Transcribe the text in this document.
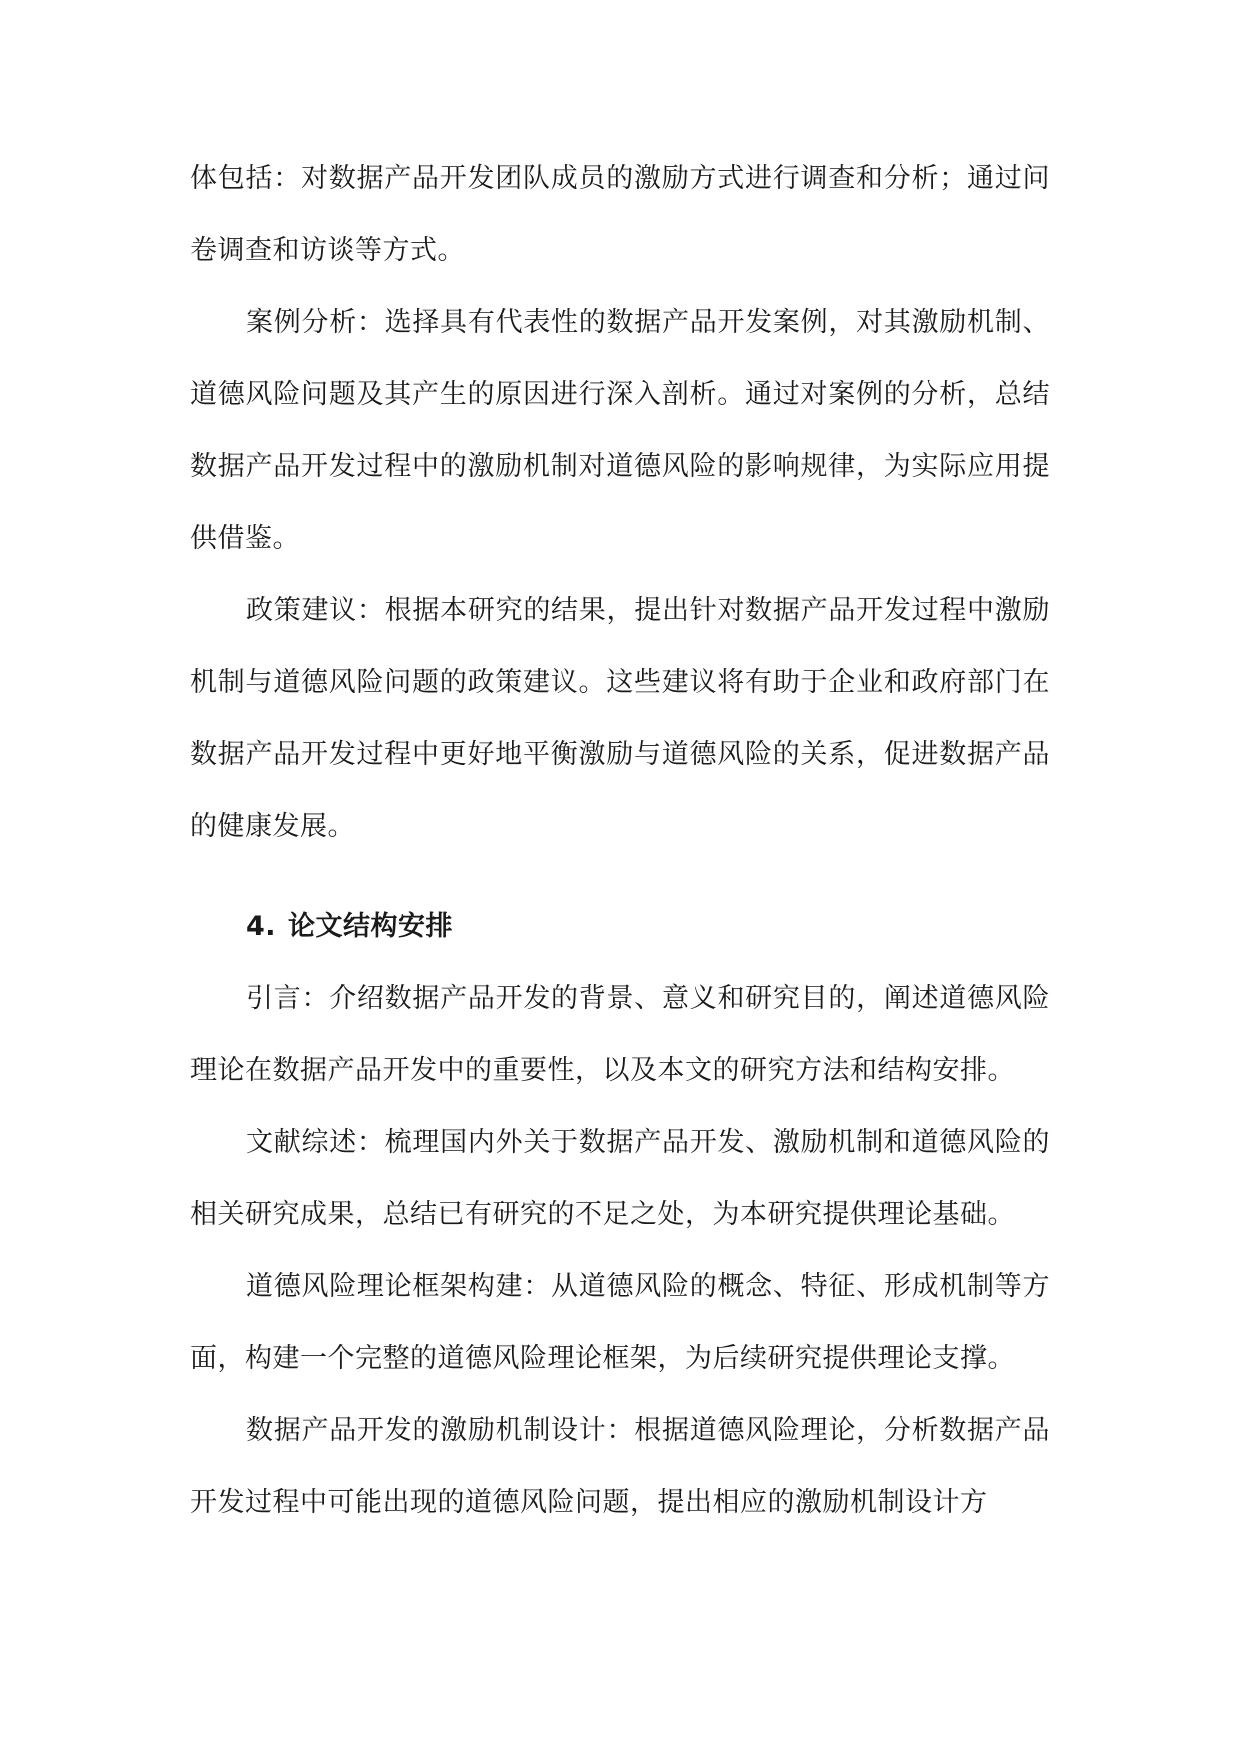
体包括：对数据产品开发团队成员的激励方式进行调查和分析；通过问卷调查和访谈等方式。

案例分析：选择具有代表性的数据产品开发案例，对其激励机制、道德风险问题及其产生的原因进行深入剖析。通过对案例的分析，总结数据产品开发过程中的激励机制对道德风险的影响规律，为实际应用提供借鉴。

政策建议：根据本研究的结果，提出针对数据产品开发过程中激励机制与道德风险问题的政策建议。这些建议将有助于企业和政府部门在数据产品开发过程中更好地平衡激励与道德风险的关系，促进数据产品的健康发展。

4. 论文结构安排

引言：介绍数据产品开发的背景、意义和研究目的，阐述道德风险理论在数据产品开发中的重要性，以及本文的研究方法和结构安排。

文献综述：梳理国内外关于数据产品开发、激励机制和道德风险的相关研究成果，总结已有研究的不足之处，为本研究提供理论基础。

道德风险理论框架构建：从道德风险的概念、特征、形成机制等方面，构建一个完整的道德风险理论框架，为后续研究提供理论支撑。

数据产品开发的激励机制设计：根据道德风险理论，分析数据产品开发过程中可能出现的道德风险问题，提出相应的激励机制设计方
